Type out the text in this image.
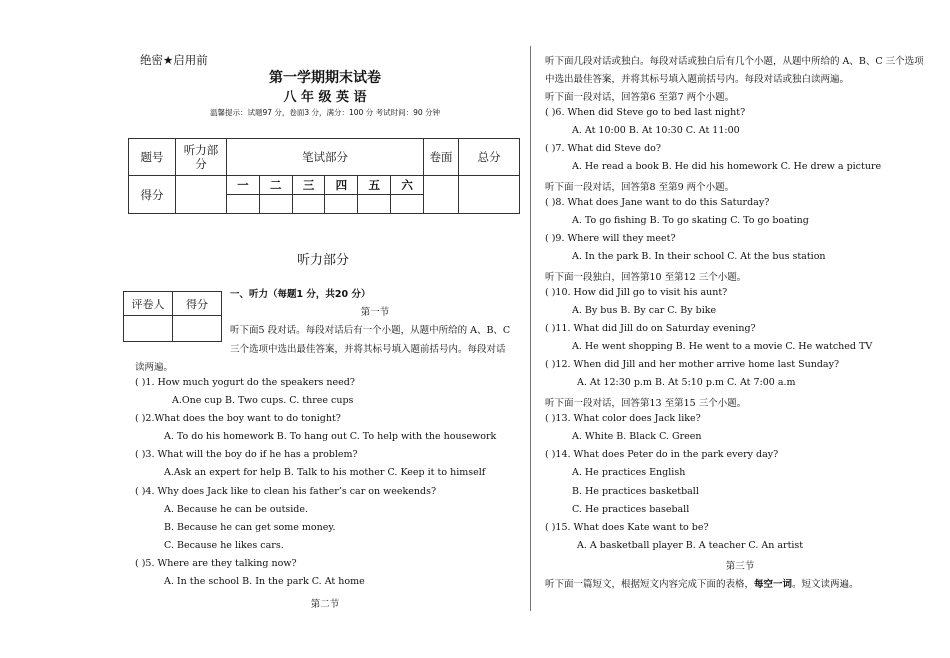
绝密★启用前
第一学期期末试卷
八 年 级 英 语
温馨提示：试题97 分，卷面3 分，满分：100 分 考试时间：90 分钟
题号	听力部分	笔试部分						卷面	总分
得分		一	二	三	四	五	六		

听力部分
评卷人	得分

一、听力（每题1 分，共20 分）
第一节
听下面5 段对话。每段对话后有一个小题，从题中所给的 A、B、C
三个选项中选出最佳答案，并将其标号填入题前括号内。每段对话
读两遍。
( )1. How much yogurt do the speakers need?
A.One cup B. Two cups. C. three cups
( )2.What does the boy want to do tonight?
A. To do his homework B. To hang out C. To help with the housework
( )3. What will the boy do if he has a problem?
A.Ask an expert for help B. Talk to his mother C. Keep it to himself
( )4. Why does Jack like to clean his father’s car on weekends?
A. Because he can be outside.
B. Because he can get some money.
C. Because he likes cars.
( )5. Where are they talking now?
A. In the school B. In the park C. At home
第二节
听下面几段对话或独白。每段对话或独白后有几个小题，从题中所给的 A、B、C 三个选项
中选出最佳答案，并将其标号填入题前括号内。每段对话或独白读两遍。
听下面一段对话，回答第6 至第7 两个小题。
( )6. When did Steve go to bed last night?
A. At 10:00 B. At 10:30 C. At 11:00
( )7. What did Steve do?
A. He read a book B. He did his homework C. He drew a picture
听下面一段对话，回答第8 至第9 两个小题。
( )8. What does Jane want to do this Saturday?
A. To go fishing B. To go skating C. To go boating
( )9. Where will they meet?
A. In the park B. In their school C. At the bus station
听下面一段独白，回答第10 至第12 三个小题。
( )10. How did Jill go to visit his aunt?
A. By bus B. By car C. By bike
( )11. What did Jill do on Saturday evening?
A. He went shopping B. He went to a movie C. He watched TV
( )12. When did Jill and her mother arrive home last Sunday?
A. At 12:30 p.m B. At 5:10 p.m C. At 7:00 a.m
听下面一段对话，回答第13 至第15 三个小题。
( )13. What color does Jack like?
A. White B. Black C. Green
( )14. What does Peter do in the park every day?
A. He practices English
B. He practices basketball
C. He practices baseball
( )15. What does Kate want to be?
A. A basketball player B. A teacher C. An artist
第三节
听下面一篇短文，根据短文内容完成下面的表格，每空一词。短文读两遍。
